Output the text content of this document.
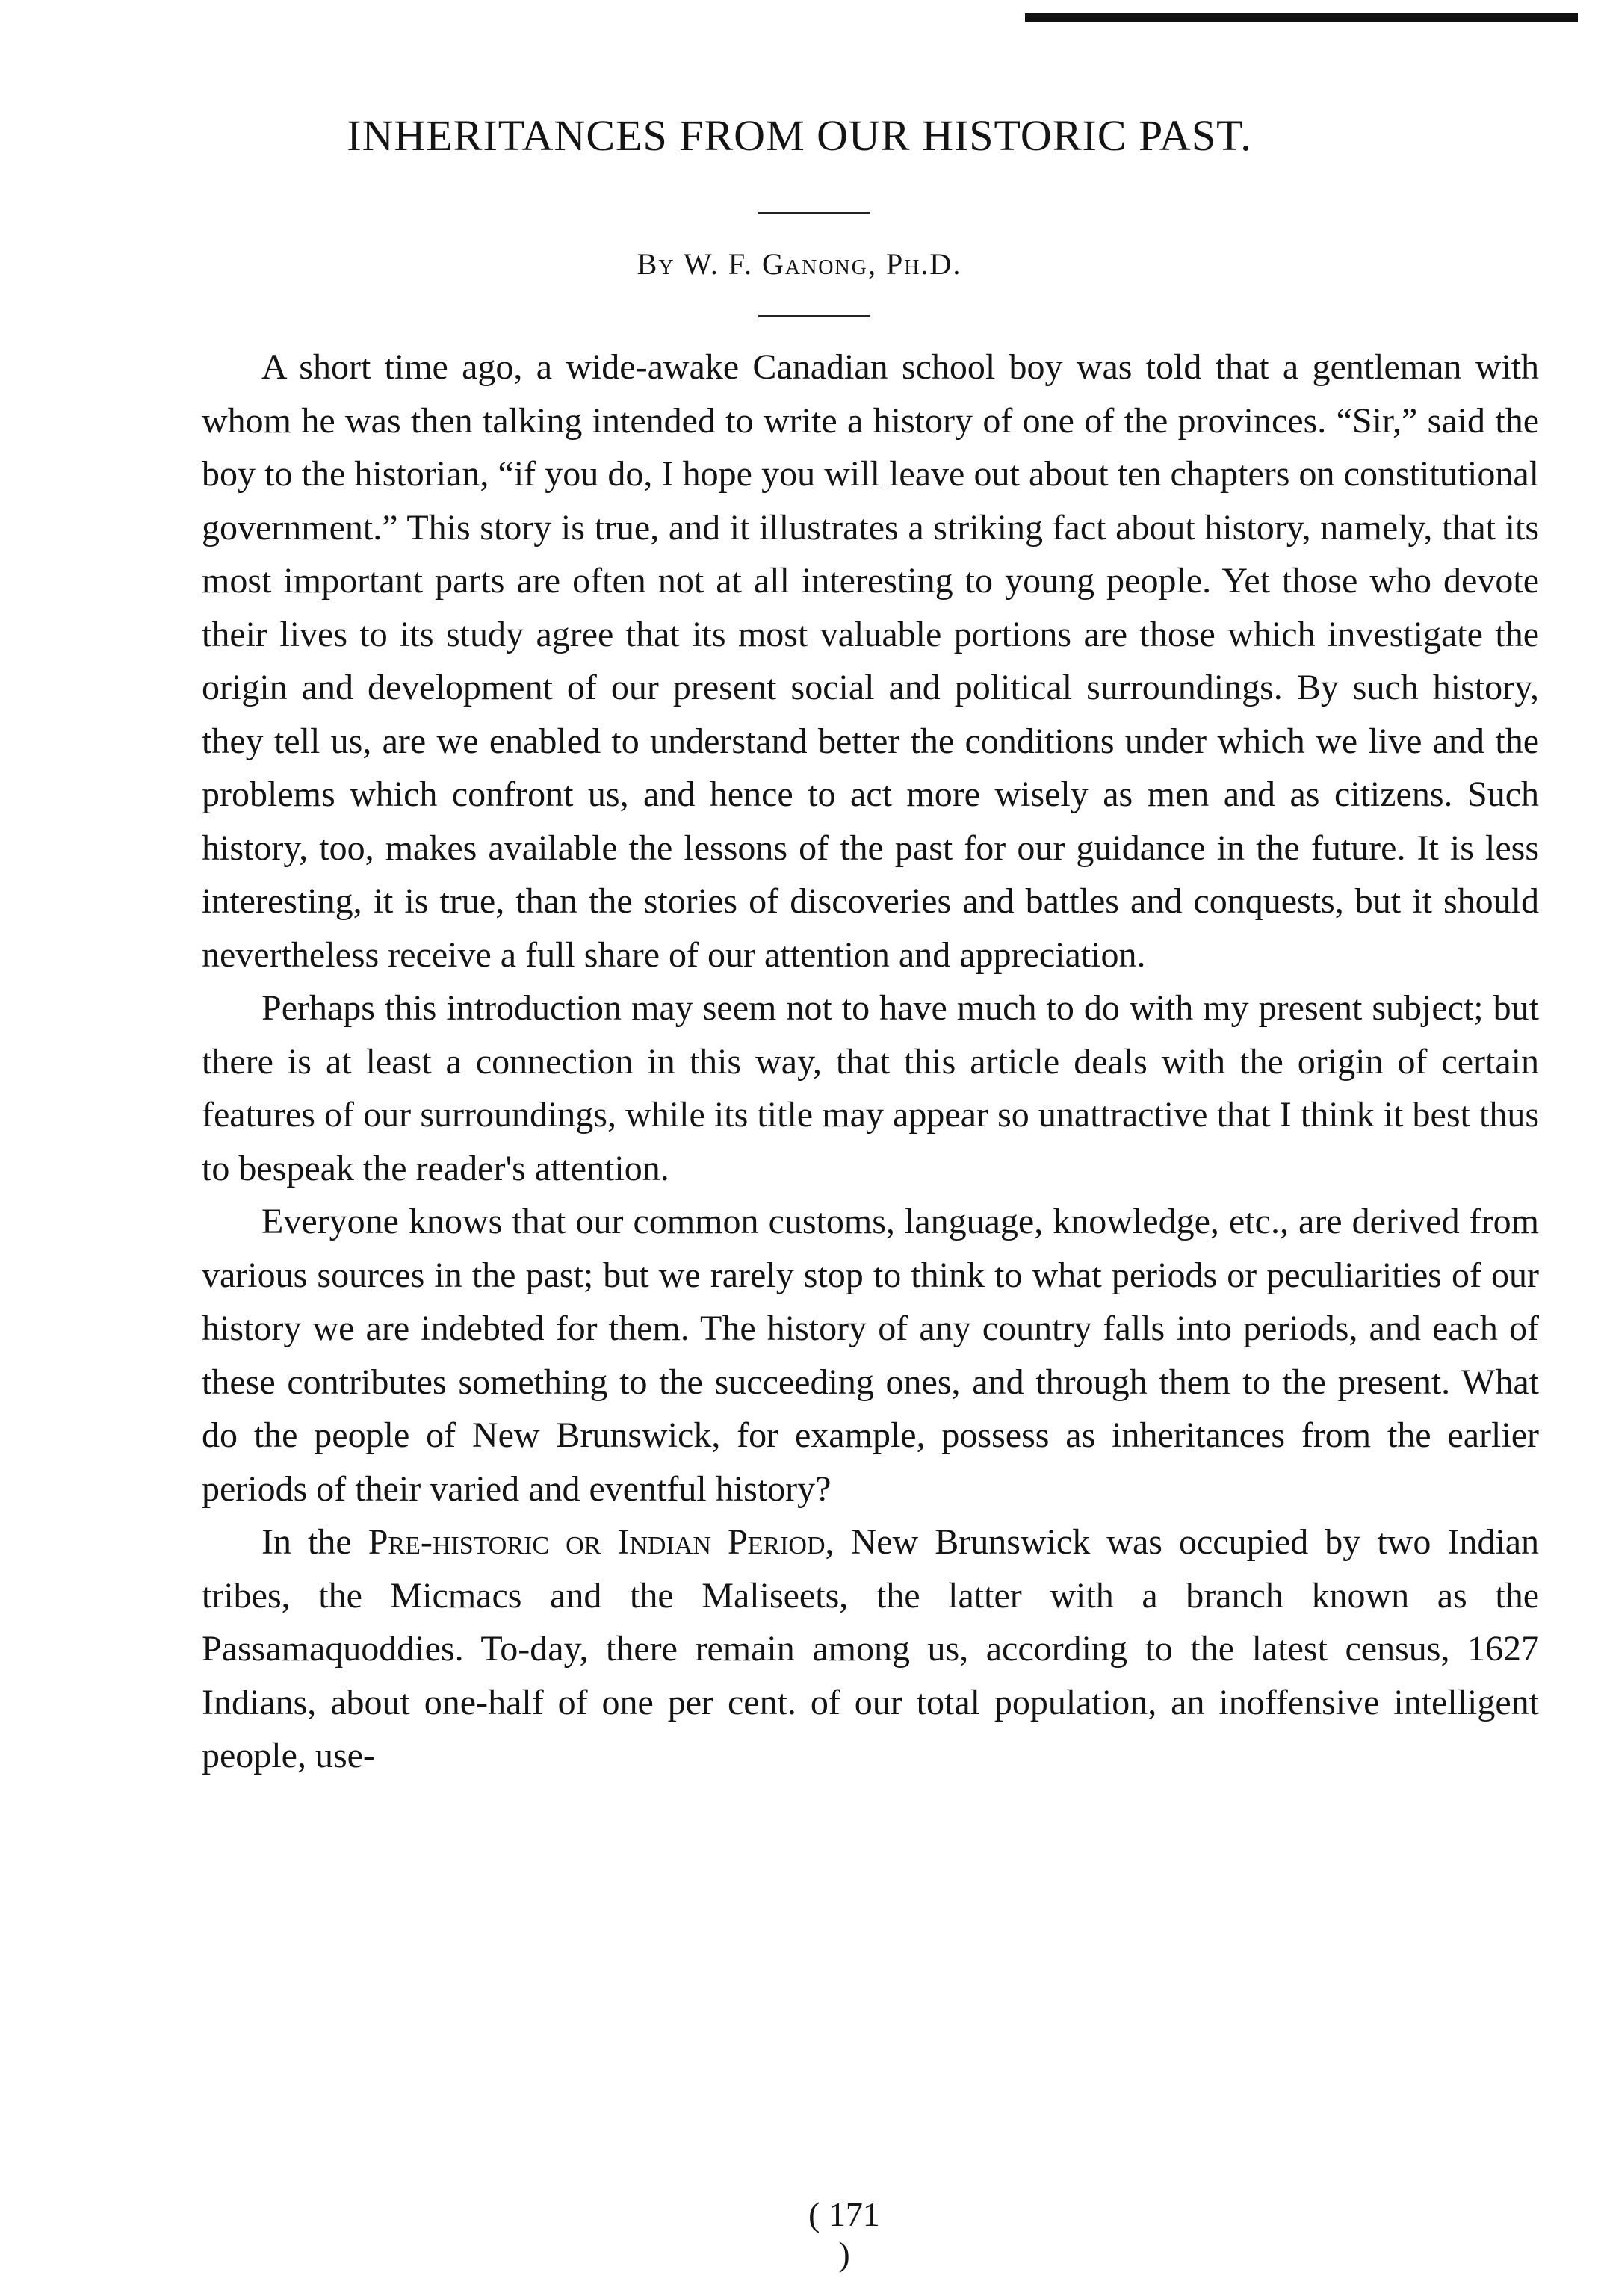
INHERITANCES FROM OUR HISTORIC PAST.

By W. F. Ganong, Ph.D.

A short time ago, a wide-awake Canadian school boy was told that a gentleman with whom he was then talking intended to write a history of one of the provinces. “Sir,” said the boy to the historian, “if you do, I hope you will leave out about ten chapters on constitutional government.” This story is true, and it illustrates a striking fact about history, namely, that its most important parts are often not at all interesting to young people. Yet those who devote their lives to its study agree that its most valuable portions are those which investigate the origin and development of our present social and political surroundings. By such history, they tell us, are we enabled to understand better the conditions under which we live and the problems which confront us, and hence to act more wisely as men and as citizens. Such history, too, makes available the lessons of the past for our guidance in the future. It is less interesting, it is true, than the stories of discoveries and battles and conquests, but it should nevertheless receive a full share of our attention and appreciation.

Perhaps this introduction may seem not to have much to do with my present subject; but there is at least a connection in this way, that this article deals with the origin of certain features of our surroundings, while its title may appear so unattractive that I think it best thus to bespeak the reader's attention.

Everyone knows that our common customs, language, knowledge, etc., are derived from various sources in the past; but we rarely stop to think to what periods or peculiarities of our history we are indebted for them. The history of any country falls into periods, and each of these contributes something to the succeeding ones, and through them to the present. What do the people of New Brunswick, for example, possess as inheritances from the earlier periods of their varied and eventful history?

In the Pre-historic or Indian Period, New Brunswick was occupied by two Indian tribes, the Micmacs and the Maliseets, the latter with a branch known as the Passamaquoddies. To-day, there remain among us, according to the latest census, 1627 Indians, about one-half of one per cent. of our total population, an inoffensive intelligent people, use-

( 171 )
